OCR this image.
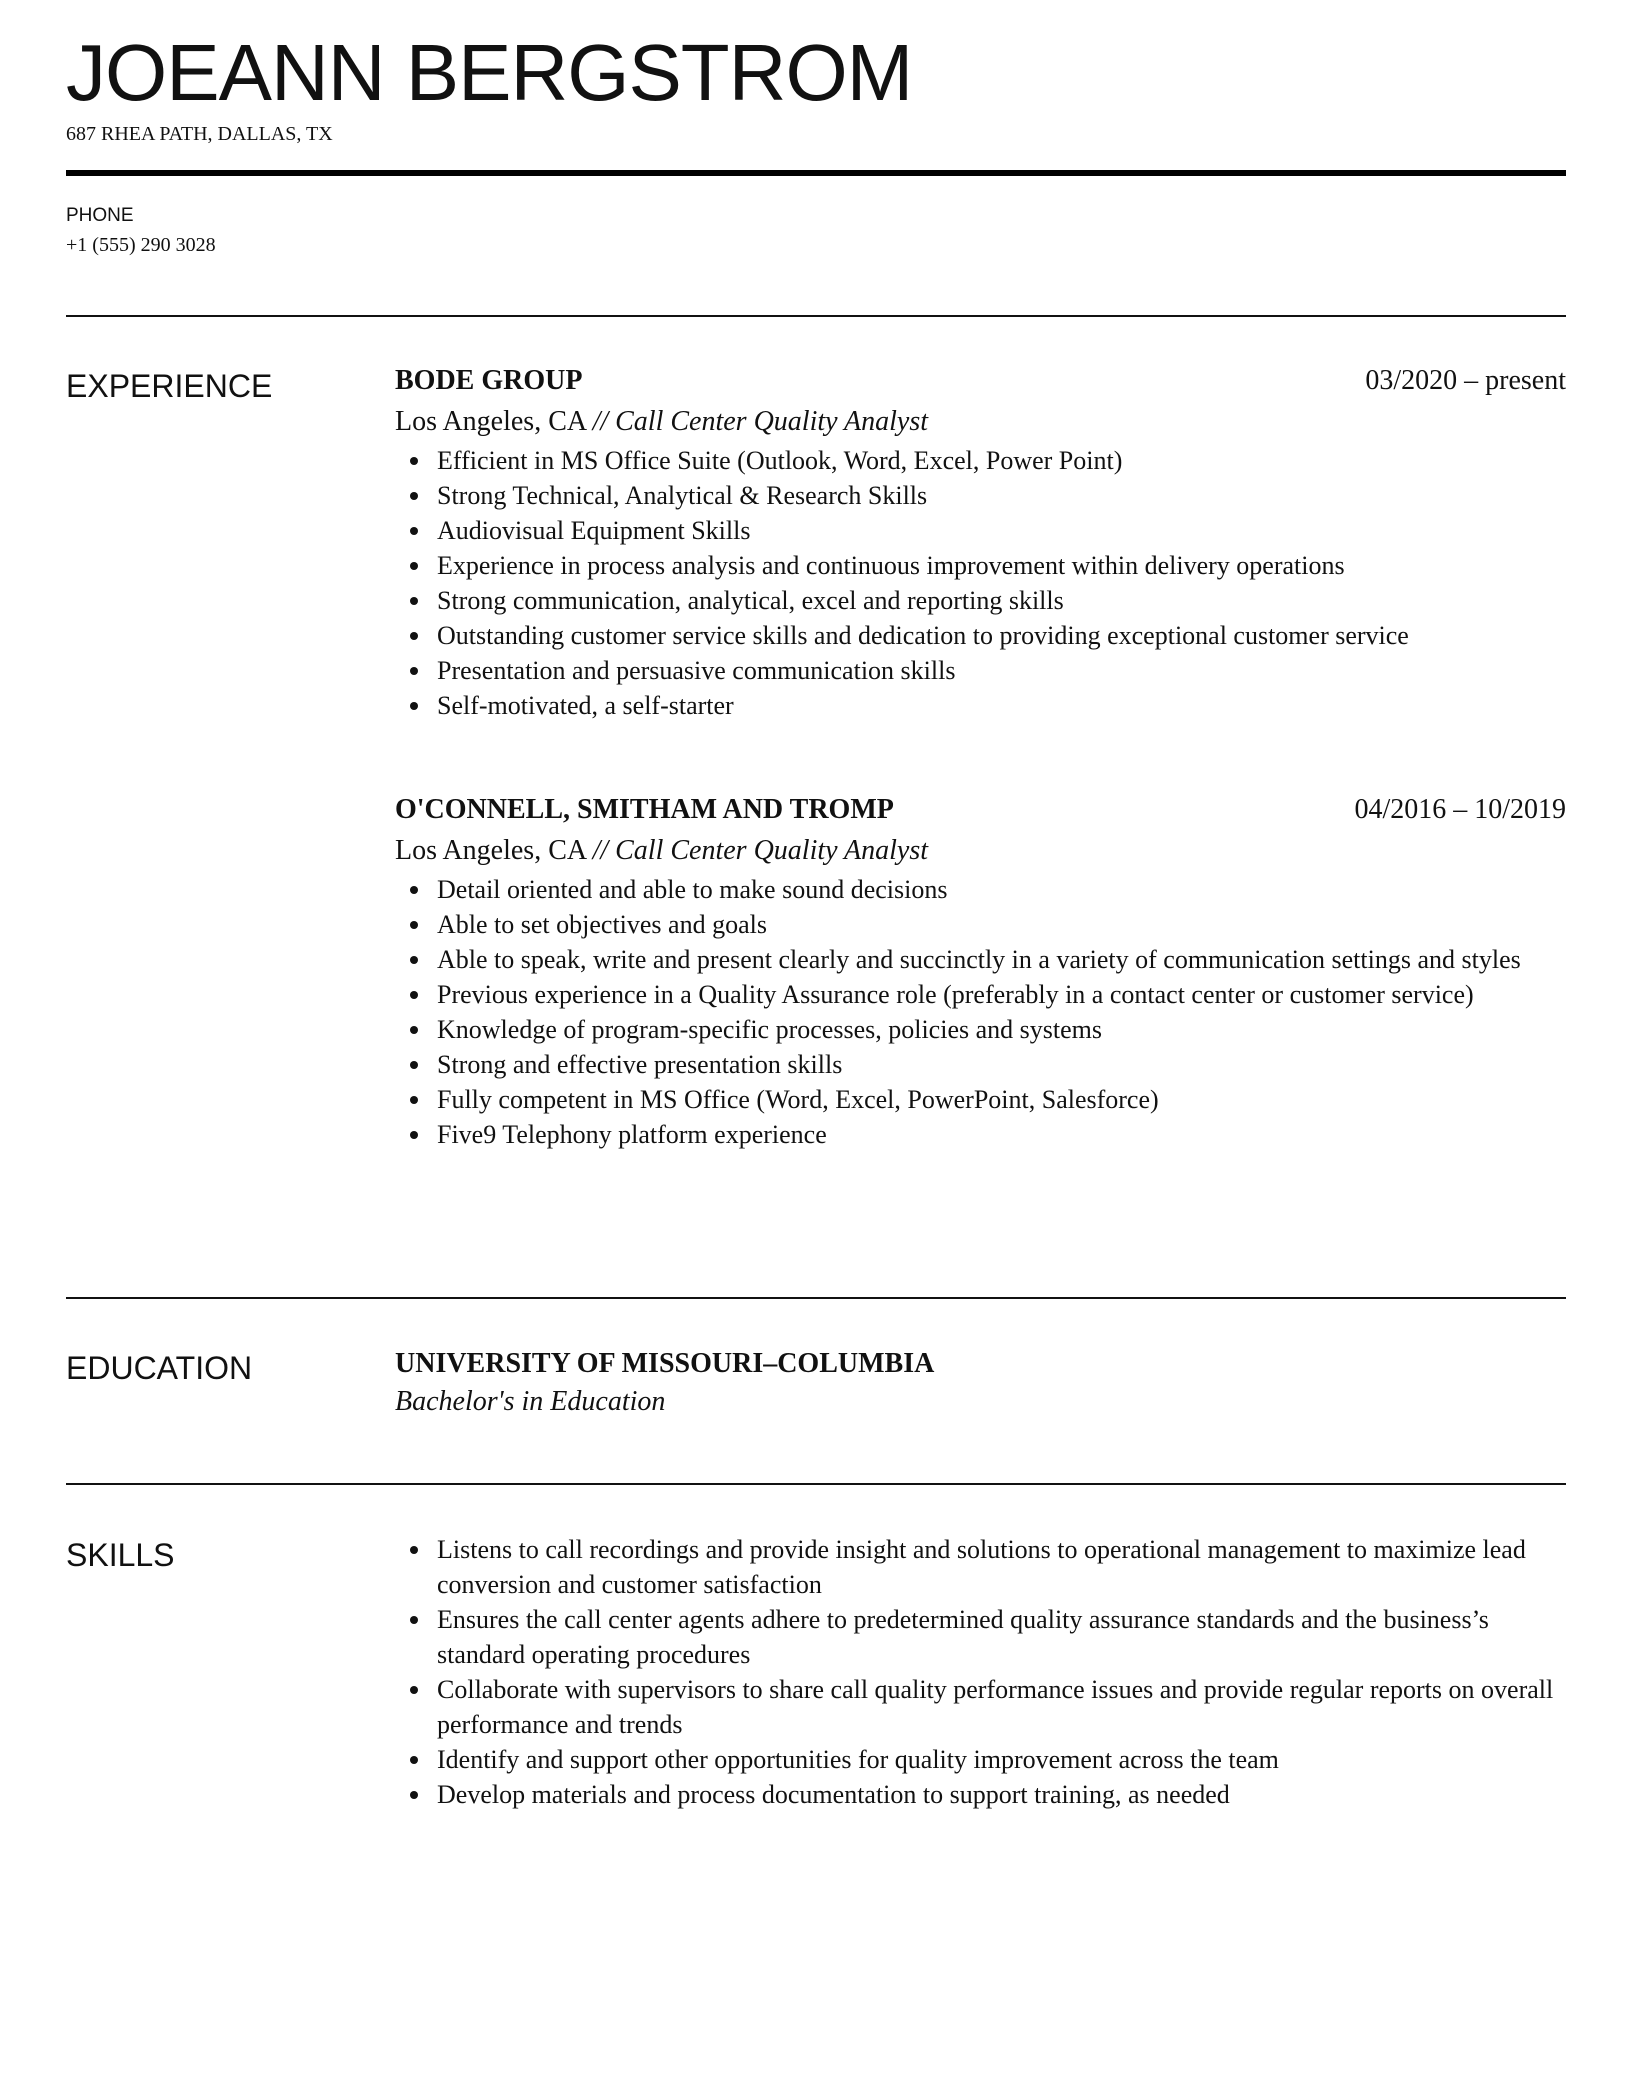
JOEANN BERGSTROM
687 RHEA PATH, DALLAS, TX
PHONE
+1 (555) 290 3028
EXPERIENCE	BODE GROUP	03/2020 – present
Los Angeles, CA // Call Center Quality Analyst
Efficient in MS Office Suite (Outlook, Word, Excel, Power Point)
Strong Technical, Analytical & Research Skills
Audiovisual Equipment Skills
Experience in process analysis and continuous improvement within delivery operations
Strong communication, analytical, excel and reporting skills
Outstanding customer service skills and dedication to providing exceptional customer service
Presentation and persuasive communication skills
Self-motivated, a self-starter
O'CONNELL, SMITHAM AND TROMP	04/2016 – 10/2019
Los Angeles, CA // Call Center Quality Analyst
Detail oriented and able to make sound decisions
Able to set objectives and goals
Able to speak, write and present clearly and succinctly in a variety of communication settings and styles
Previous experience in a Quality Assurance role (preferably in a contact center or customer service)
Knowledge of program-specific processes, policies and systems
Strong and effective presentation skills
Fully competent in MS Office (Word, Excel, PowerPoint, Salesforce)
Five9 Telephony platform experience
EDUCATION	UNIVERSITY OF MISSOURI–COLUMBIA
Bachelor's in Education
SKILLS	Listens to call recordings and provide insight and solutions to operational management to maximize lead conversion and customer satisfaction
Ensures the call center agents adhere to predetermined quality assurance standards and the business’s standard operating procedures
Collaborate with supervisors to share call quality performance issues and provide regular reports on overall performance and trends
Identify and support other opportunities for quality improvement across the team
Develop materials and process documentation to support training, as needed
